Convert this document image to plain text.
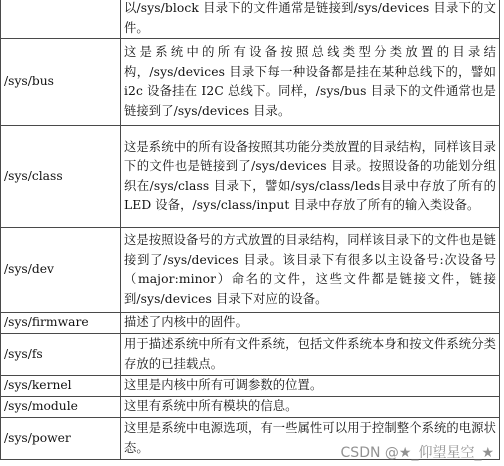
	以/sys/block 目录下的文件通常是链接到/sys/devices 目录下的文件。
/sys/bus	这是系统中的所有设备按照总线类型分类放置的目录结构，/sys/devices 目录下每一种设备都是挂在某种总线下的，譬如 i2c 设备挂在 I2C 总线下。同样，/sys/bus 目录下的文件通常也是链接到了/sys/devices 目录。
/sys/class	这是系统中的所有设备按照其功能分类放置的目录结构，同样该目录下的文件也是链接到了/sys/devices 目录。按照设备的功能划分组织在/sys/class 目录下，譬如/sys/class/leds目录中存放了所有的 LED 设备，/sys/class/input 目录中存放了所有的输入类设备。
/sys/dev	这是按照设备号的方式放置的目录结构，同样该目录下的文件也是链接到了/sys/devices 目录。该目录下有很多以主设备号:次设备号（major:minor）命名的文件，这些文件都是链接文件，链接到/sys/devices 目录下对应的设备。
/sys/firmware	描述了内核中的固件。
/sys/fs	用于描述系统中所有文件系统，包括文件系统本身和按文件系统分类存放的已挂载点。
/sys/kernel	这里是内核中所有可调参数的位置。
/sys/module	这里有系统中所有模块的信息。
/sys/power	这里是系统中电源选项，有一些属性可以用于控制整个系统的电源状态。	CSDN @★_仰望星空_★
